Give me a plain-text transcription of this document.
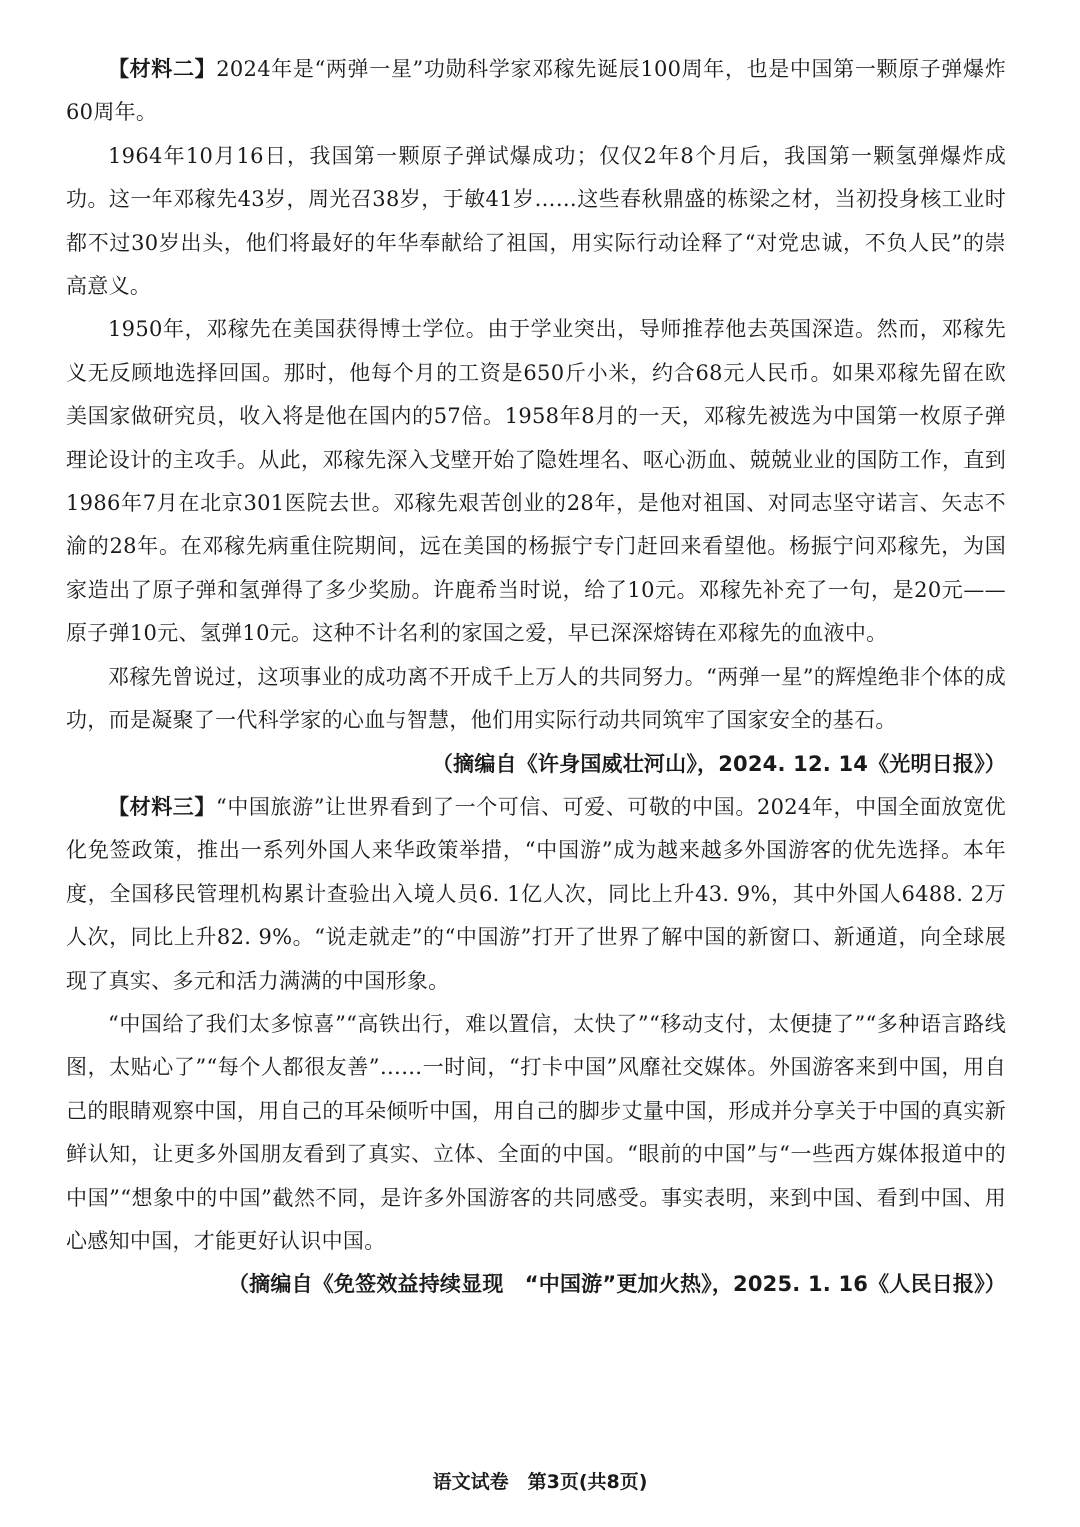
【材料二】2024年是“两弹一星”功勋科学家邓稼先诞辰100周年，也是中国第一颗原子弹爆炸60周年。

1964年10月16日，我国第一颗原子弹试爆成功；仅仅2年8个月后，我国第一颗氢弹爆炸成功。这一年邓稼先43岁，周光召38岁，于敏41岁……这些春秋鼎盛的栋梁之材，当初投身核工业时都不过30岁出头，他们将最好的年华奉献给了祖国，用实际行动诠释了“对党忠诚，不负人民”的崇高意义。

1950年，邓稼先在美国获得博士学位。由于学业突出，导师推荐他去英国深造。然而，邓稼先义无反顾地选择回国。那时，他每个月的工资是650斤小米，约合68元人民币。如果邓稼先留在欧美国家做研究员，收入将是他在国内的57倍。1958年8月的一天，邓稼先被选为中国第一枚原子弹理论设计的主攻手。从此，邓稼先深入戈壁开始了隐姓埋名、呕心沥血、兢兢业业的国防工作，直到1986年7月在北京301医院去世。邓稼先艰苦创业的28年，是他对祖国、对同志坚守诺言、矢志不渝的28年。在邓稼先病重住院期间，远在美国的杨振宁专门赶回来看望他。杨振宁问邓稼先，为国家造出了原子弹和氢弹得了多少奖励。许鹿希当时说，给了10元。邓稼先补充了一句，是20元——原子弹10元、氢弹10元。这种不计名利的家国之爱，早已深深熔铸在邓稼先的血液中。

邓稼先曾说过，这项事业的成功离不开成千上万人的共同努力。“两弹一星”的辉煌绝非个体的成功，而是凝聚了一代科学家的心血与智慧，他们用实际行动共同筑牢了国家安全的基石。

（摘编自《许身国威壮河山》，2024. 12. 14《光明日报》）

【材料三】“中国旅游”让世界看到了一个可信、可爱、可敬的中国。2024年，中国全面放宽优化免签政策，推出一系列外国人来华政策举措，“中国游”成为越来越多外国游客的优先选择。本年度，全国移民管理机构累计查验出入境人员6. 1亿人次，同比上升43. 9%，其中外国人6488. 2万人次，同比上升82. 9%。“说走就走”的“中国游”打开了世界了解中国的新窗口、新通道，向全球展现了真实、多元和活力满满的中国形象。

“中国给了我们太多惊喜”“高铁出行，难以置信，太快了”“移动支付，太便捷了”“多种语言路线图，太贴心了”“每个人都很友善”……一时间，“打卡中国”风靡社交媒体。外国游客来到中国，用自己的眼睛观察中国，用自己的耳朵倾听中国，用自己的脚步丈量中国，形成并分享关于中国的真实新鲜认知，让更多外国朋友看到了真实、立体、全面的中国。“眼前的中国”与“一些西方媒体报道中的中国”“想象中的中国”截然不同，是许多外国游客的共同感受。事实表明，来到中国、看到中国、用心感知中国，才能更好认识中国。

（摘编自《免签效益持续显现　“中国游”更加火热》，2025. 1. 16《人民日报》）

语文试卷　第3页(共8页)
